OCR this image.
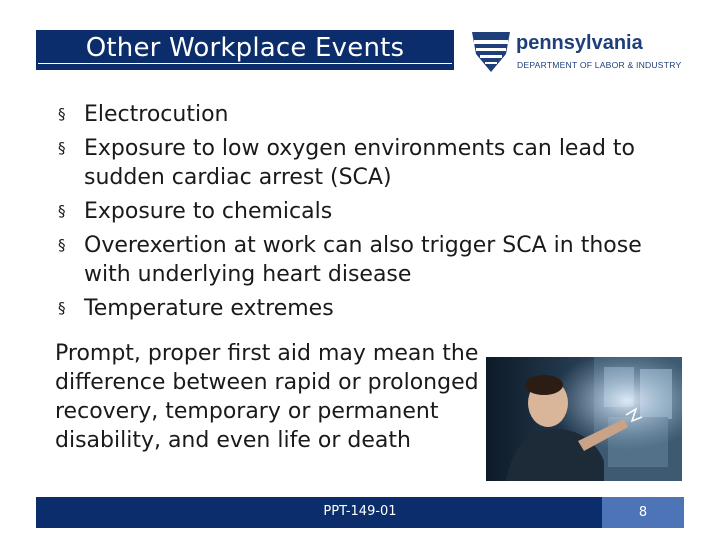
Other Workplace Events	pennsylvania
DEPARTMENT OF LABOR & INDUSTRY
§ Electrocution
§ Exposure to low oxygen environments can lead to sudden cardiac arrest (SCA)
§ Exposure to chemicals
§ Overexertion at work can also trigger SCA in those with underlying heart disease
§ Temperature extremes
Prompt, proper first aid may mean the difference between rapid or prolonged recovery, temporary or permanent disability, and even life or death
PPT-149-01	8
